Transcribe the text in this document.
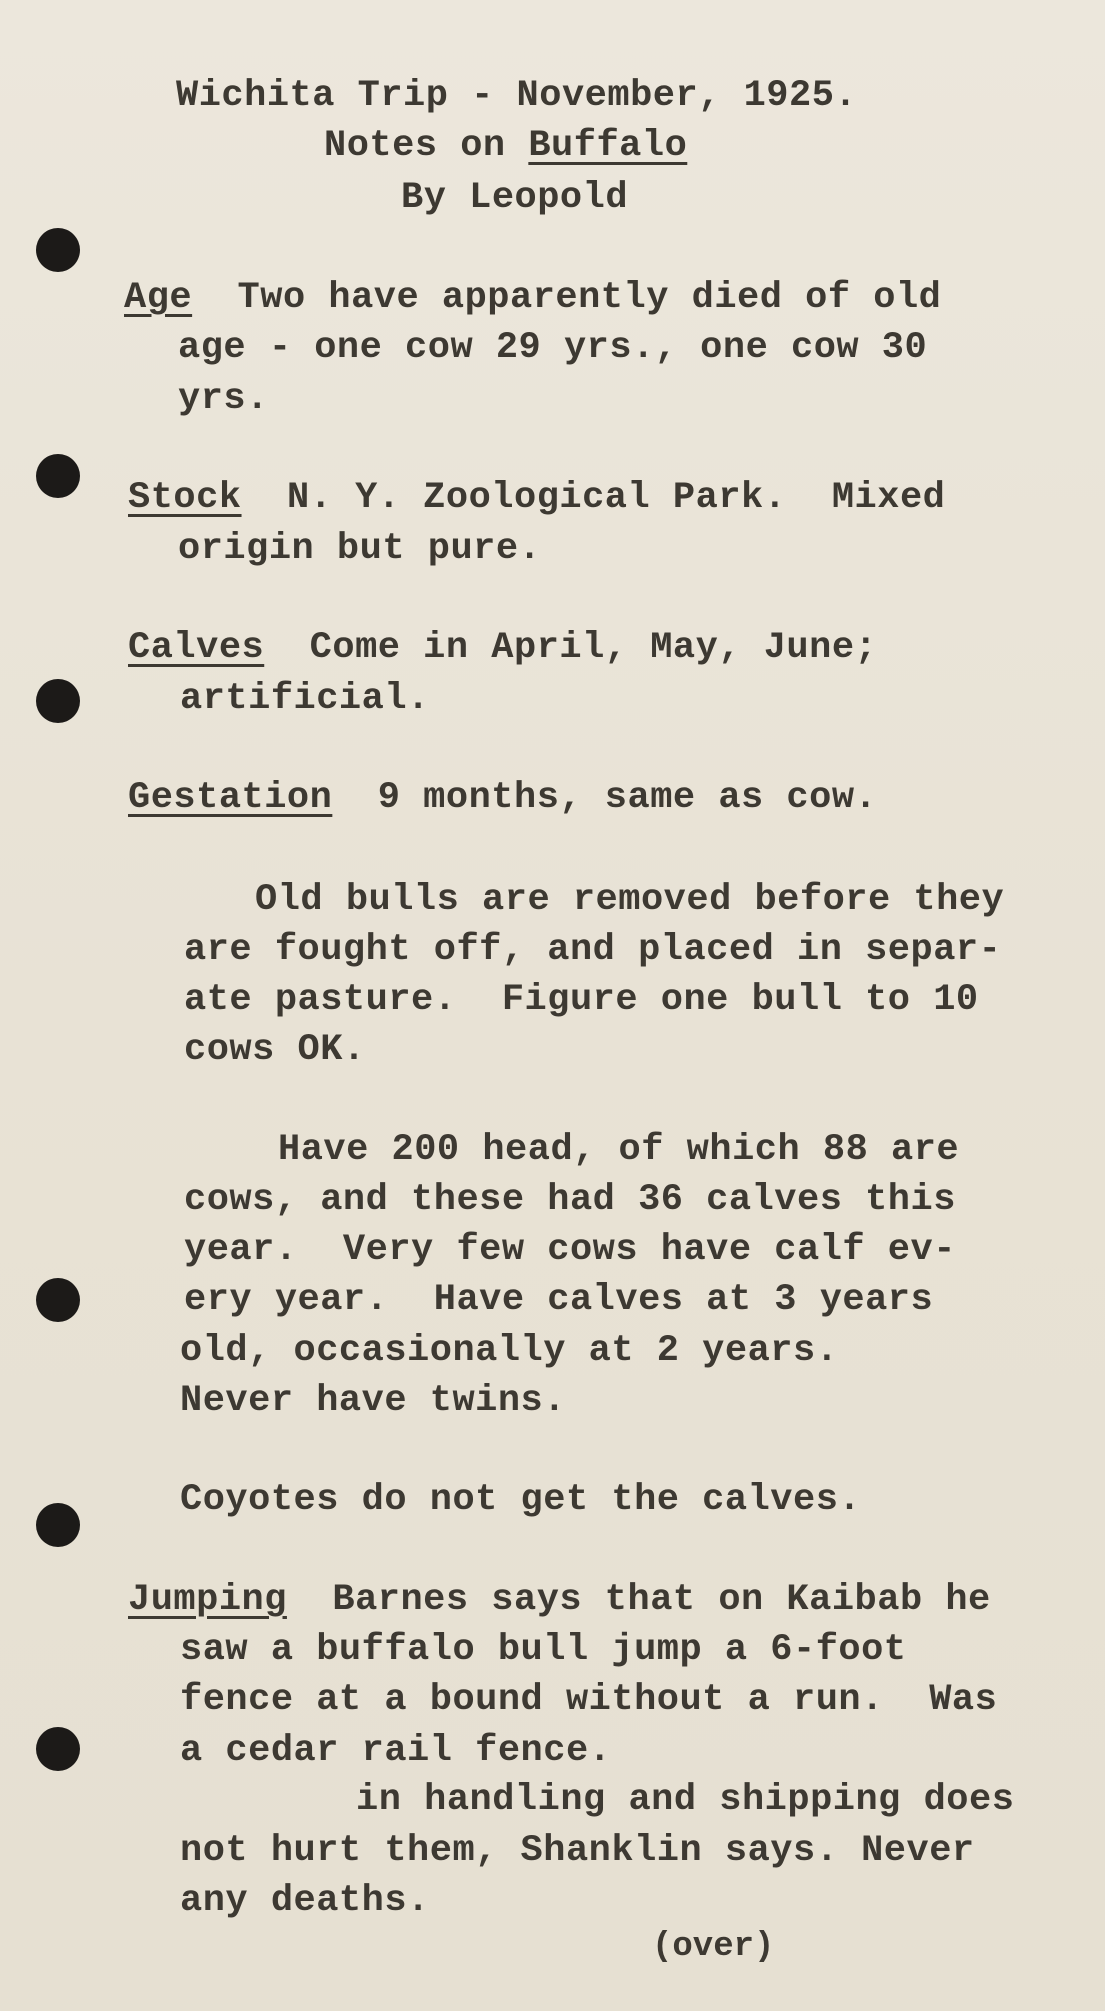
Wichita Trip - November, 1925.
Notes on Buffalo
By Leopold
Age Two have apparently died of old
age - one cow 29 yrs., one cow 30
yrs.
Stock N. Y. Zoological Park.  Mixed
origin but pure.
Calves Come in April, May, June;
artificial.
Gestation 9 months, same as cow.
Old bulls are removed before they
are fought off, and placed in separ-
ate pasture.  Figure one bull to 10
cows OK.
Have 200 head, of which 88 are
cows, and these had 36 calves this
year.  Very few cows have calf ev-
ery year.  Have calves at 3 years
old, occasionally at 2 years.
Never have twins.
Coyotes do not get the calves.
Jumping Barnes says that on Kaibab he
saw a buffalo bull jump a 6-foot
fence at a bound without a run.  Was
a cedar rail fence.
in handling and shipping does
not hurt them, Shanklin says. Never
any deaths.
(over)
